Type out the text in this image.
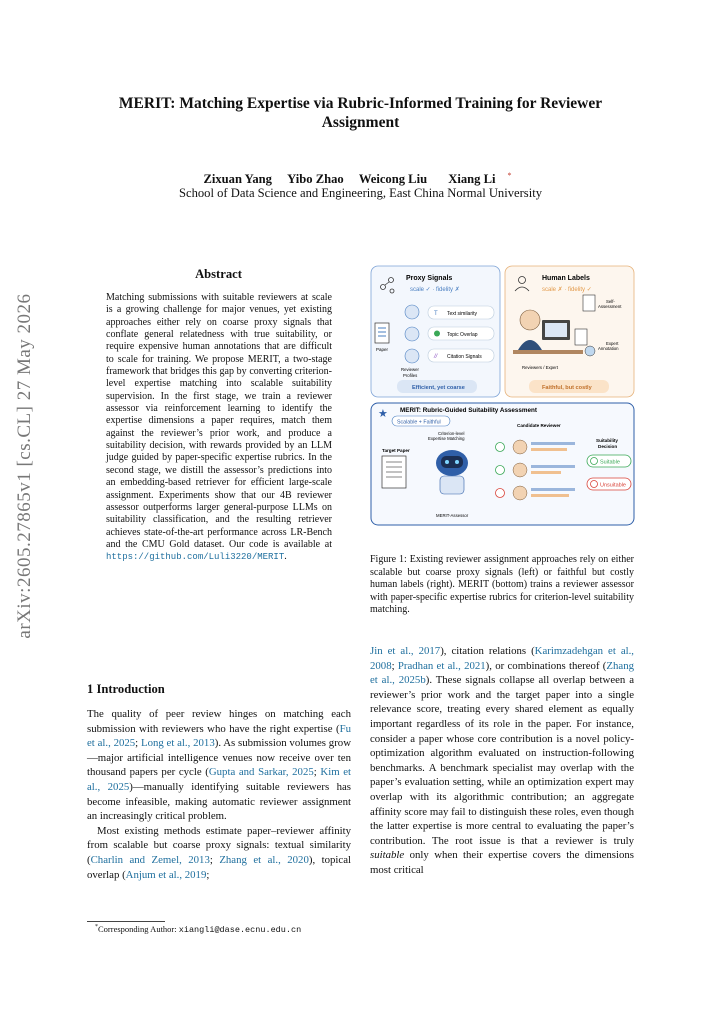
arXiv:2605.27865v1 [cs.CL] 27 May 2026
MERIT: Matching Expertise via Rubric-Informed Training for Reviewer Assignment
Zixuan Yang Yibo Zhao Weicong Liu Xiang Li *
School of Data Science and Engineering, East China Normal University
Abstract

Matching submissions with suitable reviewers at scale is a growing challenge for major venues, yet existing approaches either rely on coarse proxy signals that conflate general relatedness with true suitability, or require expensive human annotations that are difficult to scale for training. We propose MERIT, a two-stage framework that bridges this gap by converting criterion-level expertise matching into scalable suitability supervision. In the first stage, we train a reviewer assessor via reinforcement learning to identify the expertise dimensions a paper requires, match them against the reviewer’s prior work, and produce a suitability decision, with rewards provided by an LLM judge guided by paper-specific expertise rubrics. In the second stage, we distill the assessor’s predictions into an embedding-based retriever for efficient large-scale assignment. Experiments show that our 4B reviewer assessor outperforms larger general-purpose LLMs on suitability classification, and the resulting retriever achieves state-of-the-art performance across LR-Bench and the CMU Gold dataset. Our code is available at https://github.com/Luli3220/MERIT.

1 Introduction

The quality of peer review hinges on matching each submission with reviewers who have the right expertise (Fu et al., 2025; Long et al., 2013). As submission volumes grow—major artificial intelligence venues now receive over ten thousand papers per cycle (Gupta and Sarkar, 2025; Kim et al., 2025)—manually identifying suitable reviewers has become infeasible, making automatic reviewer assignment an increasingly critical problem.

Most existing methods estimate paper–reviewer affinity from scalable but coarse proxy signals: textual similarity (Charlin and Zemel, 2013; Zhang et al., 2020), topical overlap (Anjum et al., 2019;

*Corresponding Author: xiangli@dase.ecnu.edu.cn

Jin et al., 2017), citation relations (Karimzadehgan et al., 2008; Pradhan et al., 2021), or combinations thereof (Zhang et al., 2025b). These signals collapse all overlap between a reviewer’s prior work and the target paper into a single relevance score, treating every shared element as equally important regardless of its role in the paper. For instance, consider a paper whose core contribution is a novel policy-optimization algorithm evaluated on instruction-following benchmarks. A benchmark specialist may overlap with the paper’s evaluation setting, while an optimization expert may overlap with its algorithmic contribution; an aggregate affinity score may fail to distinguish these roles, even though the latter expertise is more central to evaluating the paper’s contribution. The root issue is that a reviewer is truly suitable only when their expertise covers the dimensions most critical

Proxy Signals
scale ✓ · fidelity ✗
Paper
Reviewer Profiles
T Text similarity
Topic Overlap
// Citation Signals
Efficient, yet coarse
Human Labels
scale ✗ · fidelity ✓
Self-Assessment
Expert Annotation
Reviewers / Expert
Faithful, but costly
★ MERIT: Rubric-Guided Suitability Assessment
Scalable + Faithful
Target Paper
Criterion-level Expertise Matching
MERIT-Assessor
Candidate Reviewer
Suitability Decision
Suitable
Unsuitable
Figure 1: Existing reviewer assignment approaches rely on either scalable but coarse proxy signals (left) or faithful but costly human labels (right). MERIT (bottom) trains a reviewer assessor with paper-specific expertise rubrics for criterion-level suitability matching.
